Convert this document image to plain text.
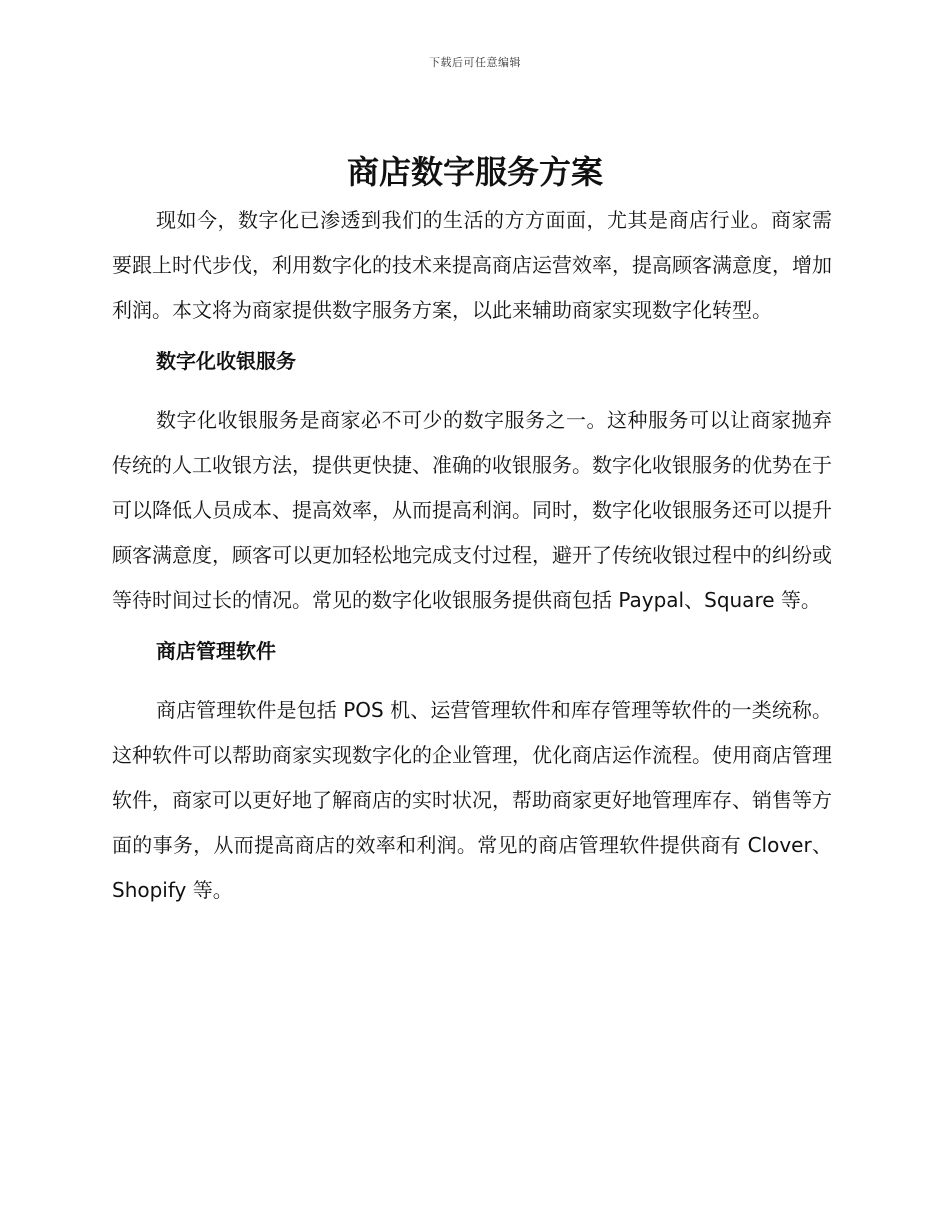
下载后可任意编辑
商店数字服务方案

现如今，数字化已渗透到我们的生活的方方面面，尤其是商店行业。商家需要跟上时代步伐，利用数字化的技术来提高商店运营效率，提高顾客满意度，增加利润。本文将为商家提供数字服务方案，以此来辅助商家实现数字化转型。

数字化收银服务

数字化收银服务是商家必不可少的数字服务之一。这种服务可以让商家抛弃传统的人工收银方法，提供更快捷、准确的收银服务。数字化收银服务的优势在于可以降低人员成本、提高效率，从而提高利润。同时，数字化收银服务还可以提升顾客满意度，顾客可以更加轻松地完成支付过程，避开了传统收银过程中的纠纷或等待时间过长的情况。常见的数字化收银服务提供商包括 Paypal、Square 等。

商店管理软件

商店管理软件是包括 POS 机、运营管理软件和库存管理等软件的一类统称。这种软件可以帮助商家实现数字化的企业管理，优化商店运作流程。使用商店管理软件，商家可以更好地了解商店的实时状况，帮助商家更好地管理库存、销售等方面的事务，从而提高商店的效率和利润。常见的商店管理软件提供商有 Clover、Shopify 等。
